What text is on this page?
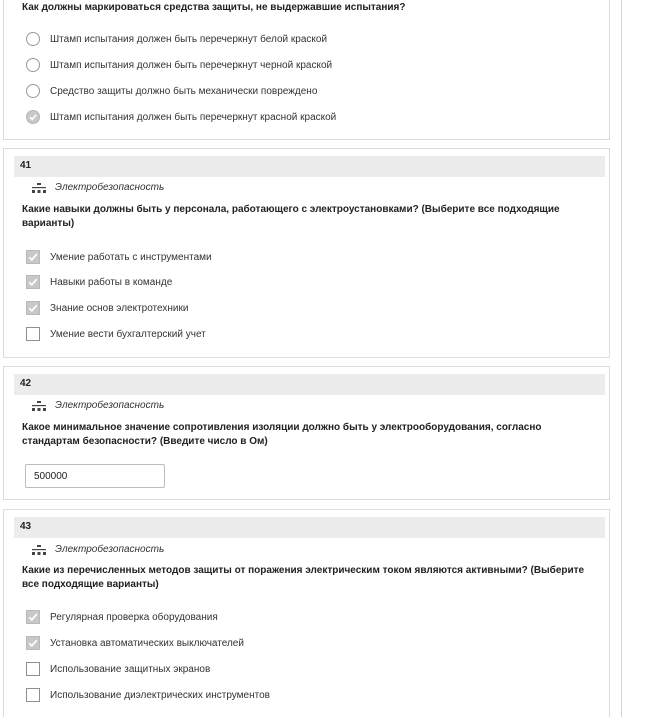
Как должны маркироваться средства защиты, не выдержавшие испытания?
Штамп испытания должен быть перечеркнут белой краской
Штамп испытания должен быть перечеркнут черной краской
Средство защиты должно быть механически повреждено
Штамп испытания должен быть перечеркнут красной краской
41
Электробезопасность
Какие навыки должны быть у персонала, работающего с электроустановками? (Выберите все подходящие варианты)
Умение работать с инструментами
Навыки работы в команде
Знание основ электротехники
Умение вести бухгалтерский учет
42
Электробезопасность
Какое минимальное значение сопротивления изоляции должно быть у электрооборудования, согласно стандартам безопасности? (Введите число в Ом)
500000
43
Электробезопасность
Какие из перечисленных методов защиты от поражения электрическим током являются активными? (Выберите все подходящие варианты)
Регулярная проверка оборудования
Установка автоматических выключателей
Использование защитных экранов
Использование диэлектрических инструментов
